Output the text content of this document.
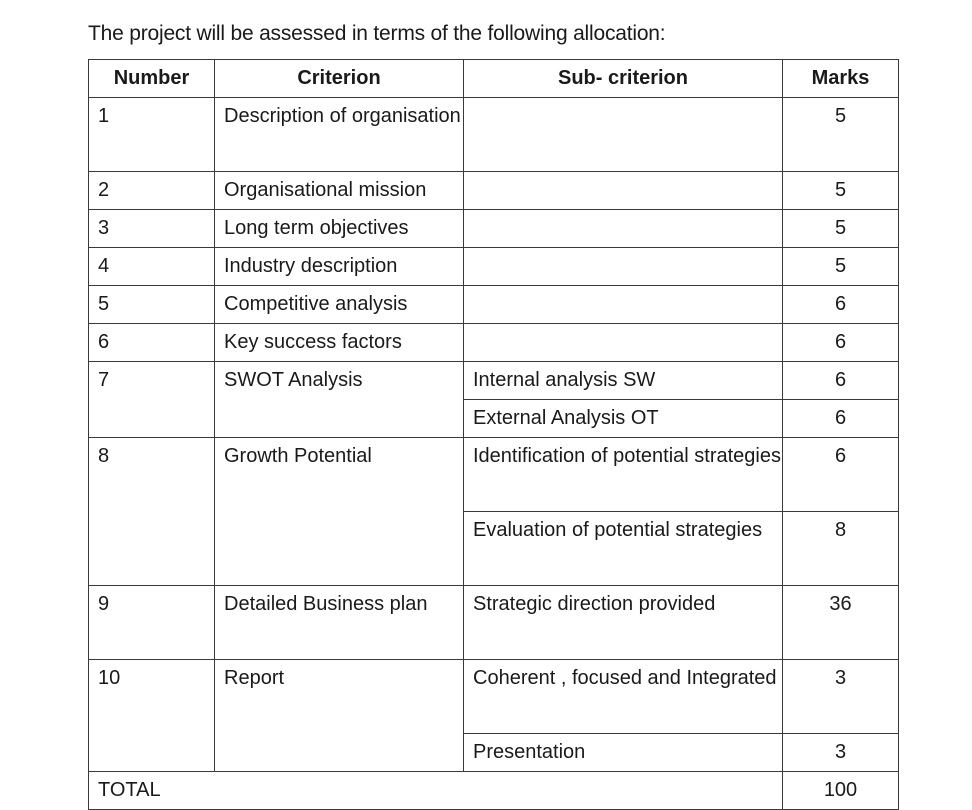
The project will be assessed in terms of the following allocation:
Number	Criterion	Sub- criterion	Marks
1	Description of organisation		5
2	Organisational mission		5
3	Long term objectives		5
4	Industry description		5
5	Competitive analysis		6
6	Key success factors		6
7	SWOT Analysis	Internal analysis SW	6
		External Analysis OT	6
8	Growth Potential	Identification of potential strategies	6
		Evaluation of potential strategies	8
9	Detailed Business plan	Strategic direction provided	36
10	Report	Coherent , focused and Integrated	3
		Presentation	3
TOTAL			100
